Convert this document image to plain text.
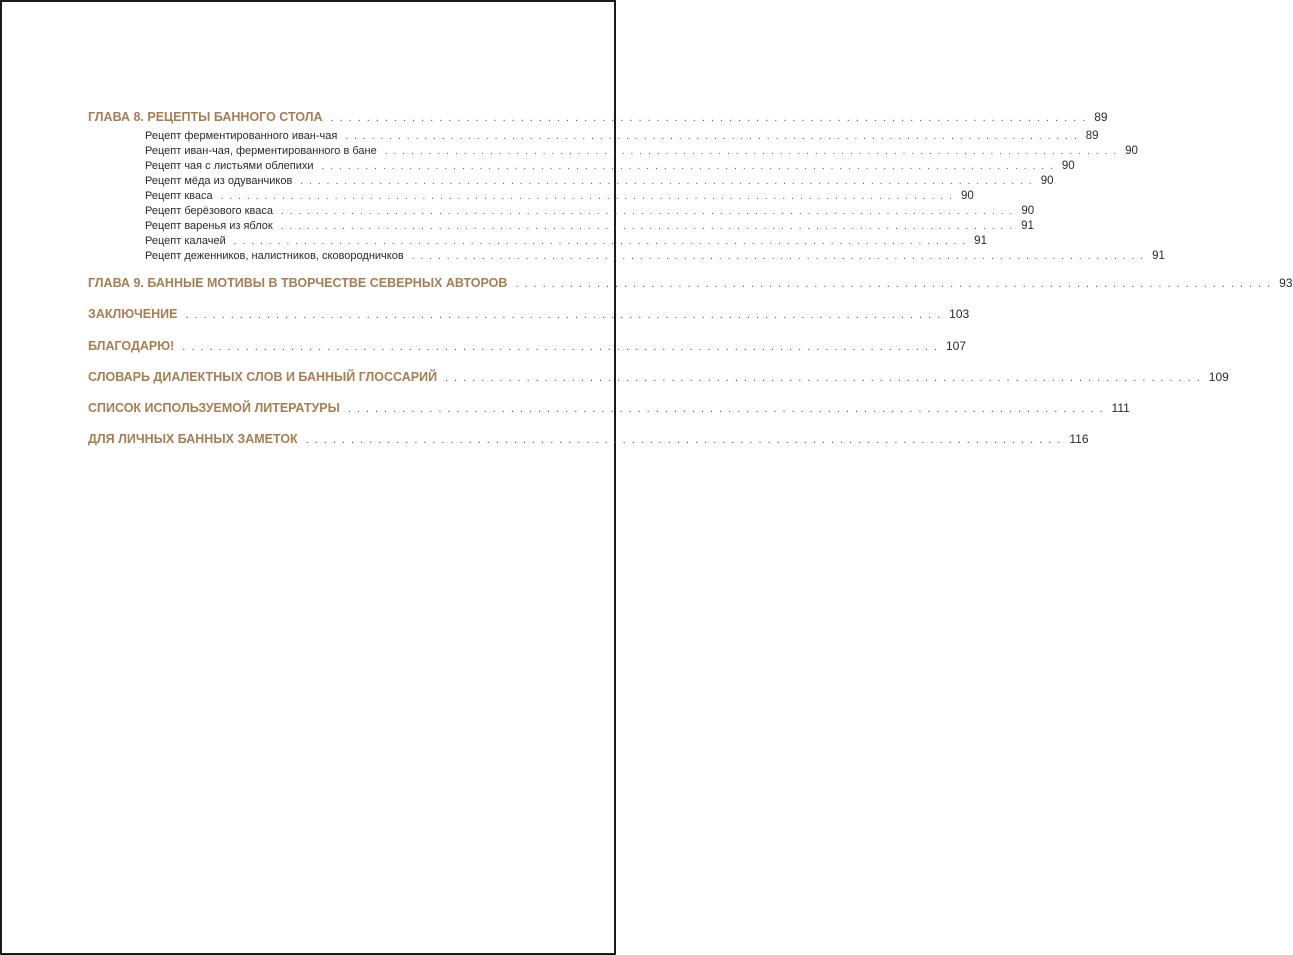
ГЛАВА 8. РЕЦЕПТЫ БАННОГО СТОЛА .................................................................................... 89
Рецепт ферментированного иван-чая .................................................................................... 89
Рецепт иван-чая, ферментированного в бане .................................................................................... 90
Рецепт чая с листьями облепихи .................................................................................... 90
Рецепт мёда из одуванчиков .................................................................................... 90
Рецепт кваса .................................................................................... 90
Рецепт берёзового кваса .................................................................................... 90
Рецепт варенья из яблок .................................................................................... 91
Рецепт калачей .................................................................................... 91
Рецепт деженников, налистников, сковородничков .................................................................................... 91
ГЛАВА 9. БАННЫЕ МОТИВЫ В ТВОРЧЕСТВЕ СЕВЕРНЫХ АВТОРОВ .................................................................................... 93
ЗАКЛЮЧЕНИЕ .................................................................................... 103
БЛАГОДАРЮ! .................................................................................... 107
СЛОВАРЬ ДИАЛЕКТНЫХ СЛОВ И БАННЫЙ ГЛОССАРИЙ .................................................................................... 109
СПИСОК ИСПОЛЬЗУЕМОЙ ЛИТЕРАТУРЫ .................................................................................... 111
ДЛЯ ЛИЧНЫХ БАННЫХ ЗАМЕТОК .................................................................................... 116
